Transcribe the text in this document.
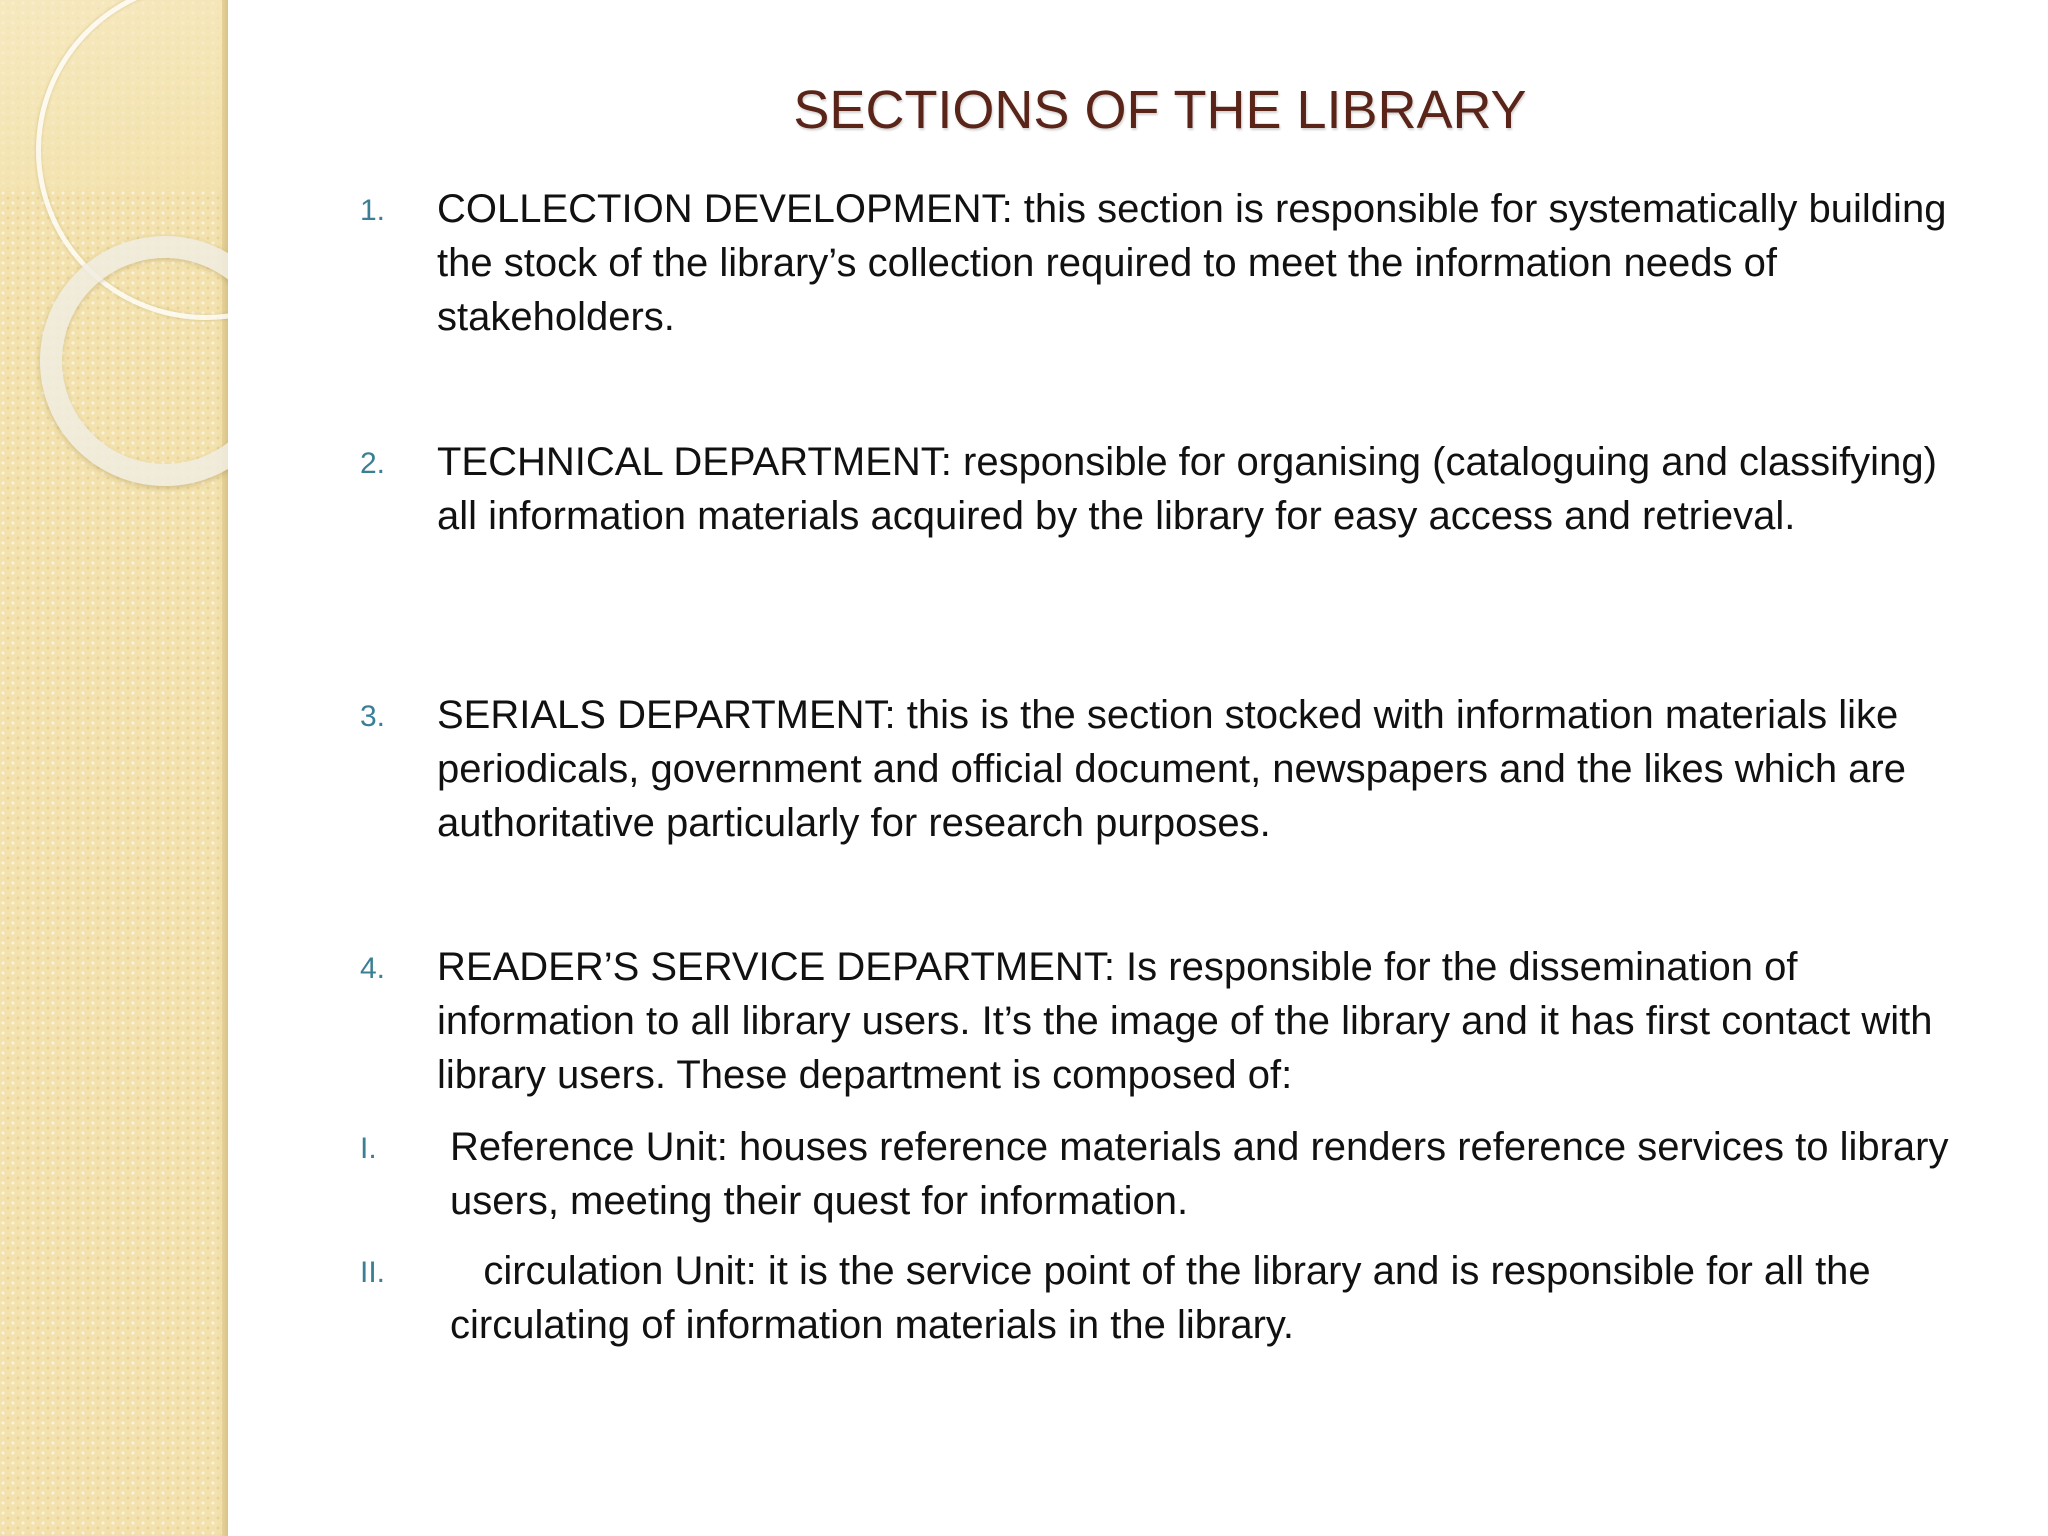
SECTIONS OF THE LIBRARY
1. COLLECTION DEVELOPMENT: this section is responsible for systematically building the stock of the library’s collection required to meet the information needs of stakeholders.
2. TECHNICAL DEPARTMENT: responsible for organising (cataloguing and classifying) all information materials acquired by the library for easy access and retrieval.
3. SERIALS DEPARTMENT: this is the section stocked with information materials like periodicals, government and official document, newspapers and the likes which are authoritative particularly for research purposes.
4. READER’S SERVICE DEPARTMENT: Is responsible for the dissemination of information to all library users. It’s the image of the library and it has first contact with library users. These department is composed of:
I. Reference Unit: houses reference materials and renders reference services to library users, meeting their quest for information.
II. circulation Unit: it is the service point of the library and is responsible for all the circulating of information materials in the library.
